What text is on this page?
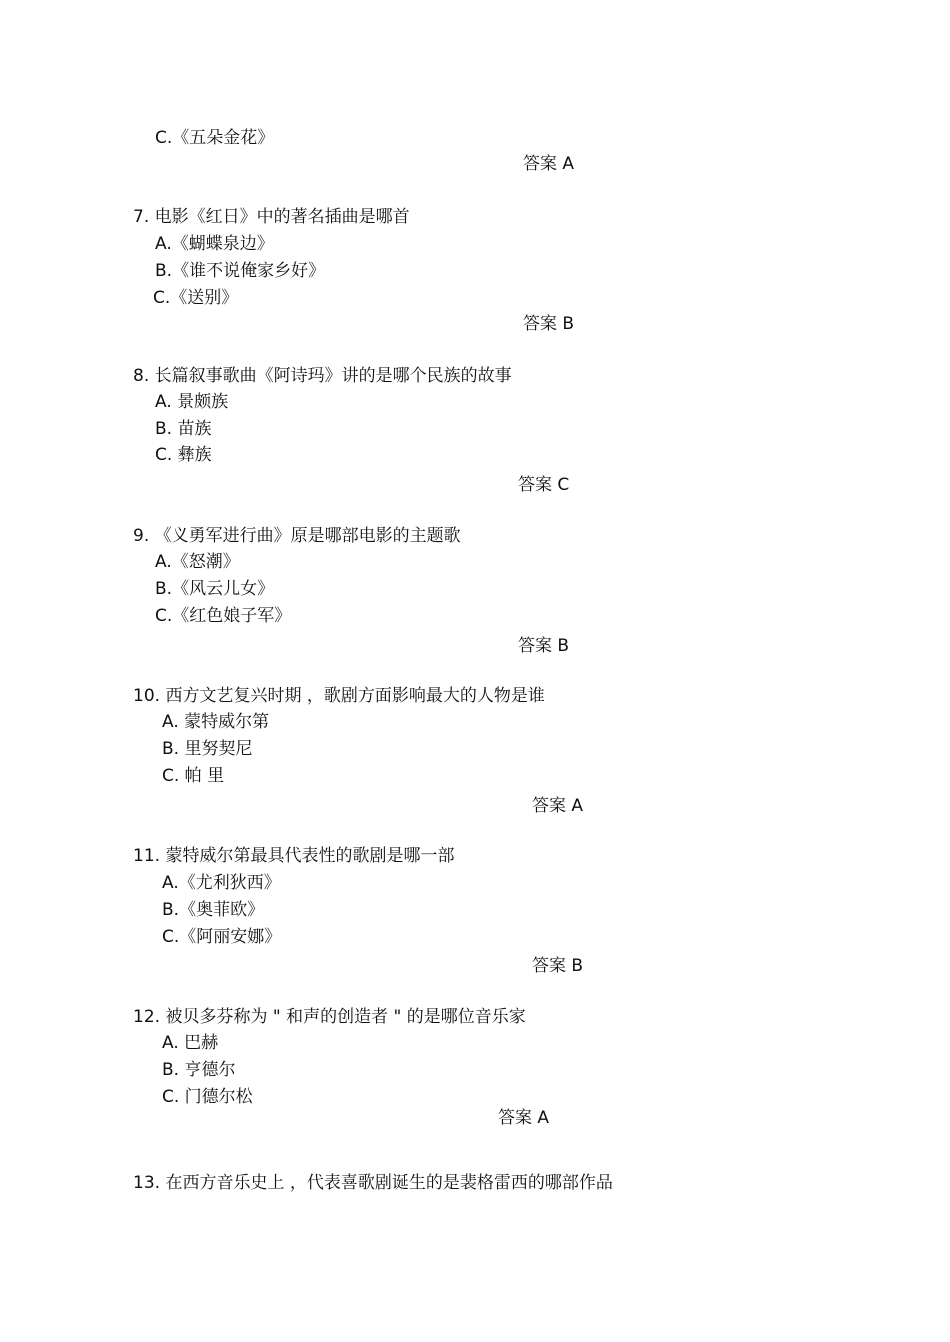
C.《五朵金花》
答案 A
7. 电影《红日》中的著名插曲是哪首
A.《蝴蝶泉边》
B.《谁不说俺家乡好》
C.《送别》
答案 B
8. 长篇叙事歌曲《阿诗玛》讲的是哪个民族的故事
A. 景颇族
B. 苗族
C. 彝族
答案 C
9. 《义勇军进行曲》原是哪部电影的主题歌
A.《怒潮》
B.《风云儿女》
C.《红色娘子军》
答案 B
10. 西方文艺复兴时期 ，歌剧方面影响最大的人物是谁
A. 蒙特威尔第
B. 里努契尼
C. 帕 里
答案 A
11. 蒙特威尔第最具代表性的歌剧是哪一部
A.《尤利狄西》
B.《奥菲欧》
C.《阿丽安娜》
答案 B
12. 被贝多芬称为 " 和声的创造者 " 的是哪位音乐家
A. 巴赫
B. 亨德尔
C. 门德尔松
答案 A
13. 在西方音乐史上 ，代表喜歌剧诞生的是裴格雷西的哪部作品
